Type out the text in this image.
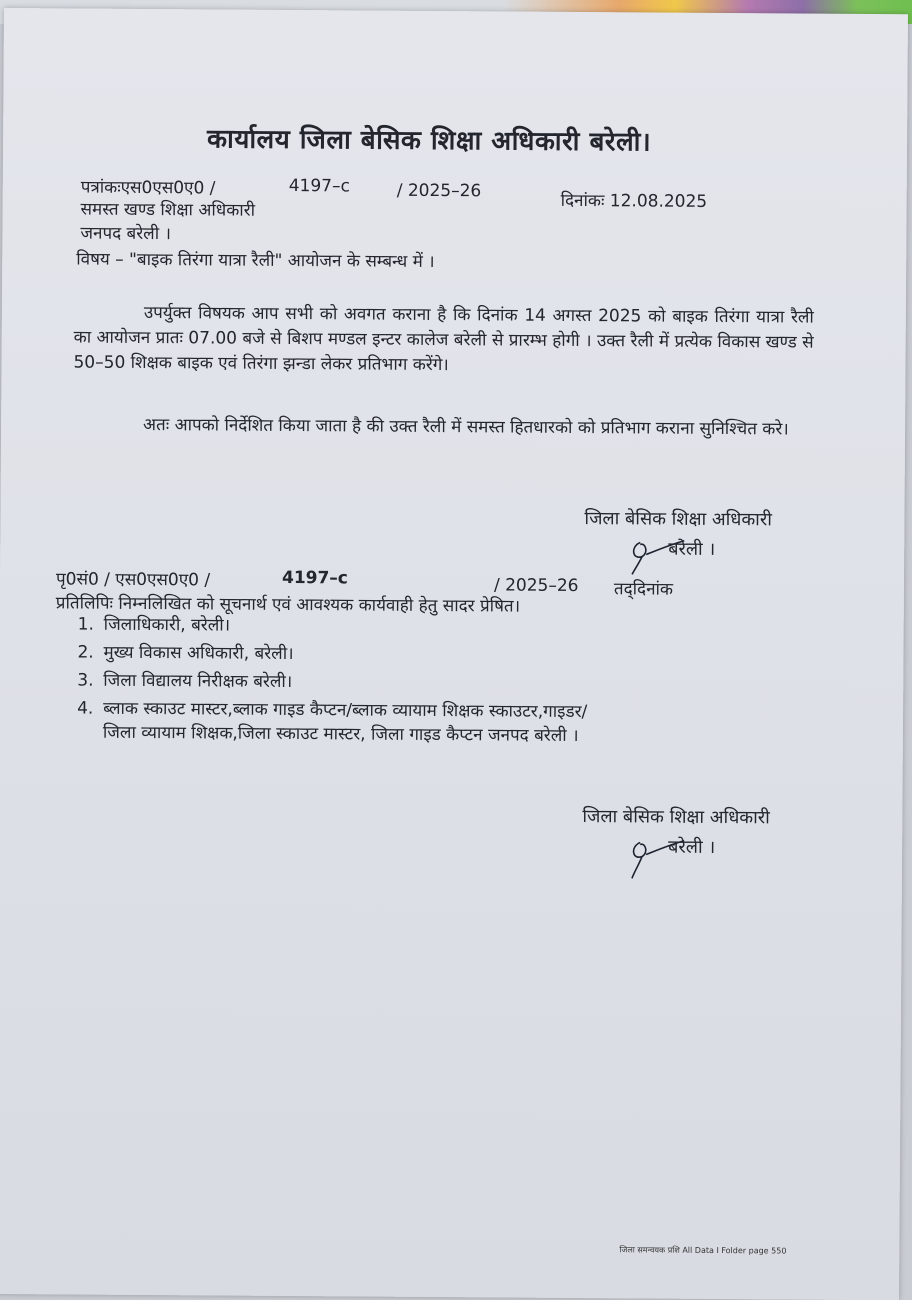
कार्यालय जिला बेसिक शिक्षा अधिकारी बरेली।
पत्रांकःएस0एस0ए0 /	4197–c	/ 2025–26	दिनांकः 12.08.2025
समस्त खण्ड शिक्षा अधिकारी
जनपद बरेली ।
विषय – "बाइक तिरंगा यात्रा रैली" आयोजन के सम्बन्ध में ।
उपर्युक्त विषयक आप सभी को अवगत कराना है कि दिनांक 14 अगस्त 2025 को बाइक तिरंगा यात्रा रैली का आयोजन प्रातः 07.00 बजे से बिशप मण्डल इन्टर कालेज बरेली से प्रारम्भ होगी । उक्त रैली में प्रत्येक विकास खण्ड से 50–50 शिक्षक बाइक एवं तिरंगा झन्डा लेकर प्रतिभाग करेंगे।
अतः आपको निर्देशित किया जाता है की उक्त रैली में समस्त हितधारको को प्रतिभाग कराना सुनिश्चित करे।
जिला बेसिक शिक्षा अधिकारी
बरेली ।
पृ0सं0 / एस0एस0ए0 /	4197–c	/ 2025–26 तद्‌दिनांक
प्रतिलिपिः निम्नलिखित को सूचनार्थ एवं आवश्यक कार्यवाही हेतु सादर प्रेषित।
1. जिलाधिकारी, बरेली।
2. मुख्य विकास अधिकारी, बरेली।
3. जिला विद्यालय निरीक्षक बरेली।
4. ब्लाक स्काउट मास्टर,ब्लाक गाइड कैप्टन/ब्लाक व्यायाम शिक्षक स्काउटर,गाइडर/जिला व्यायाम शिक्षक,जिला स्काउट मास्टर, जिला गाइड कैप्टन जनपद बरेली ।
जिला बेसिक शिक्षा अधिकारी
बरेली ।
जिला समन्वयक प्रशि All Data I Folder page 550
